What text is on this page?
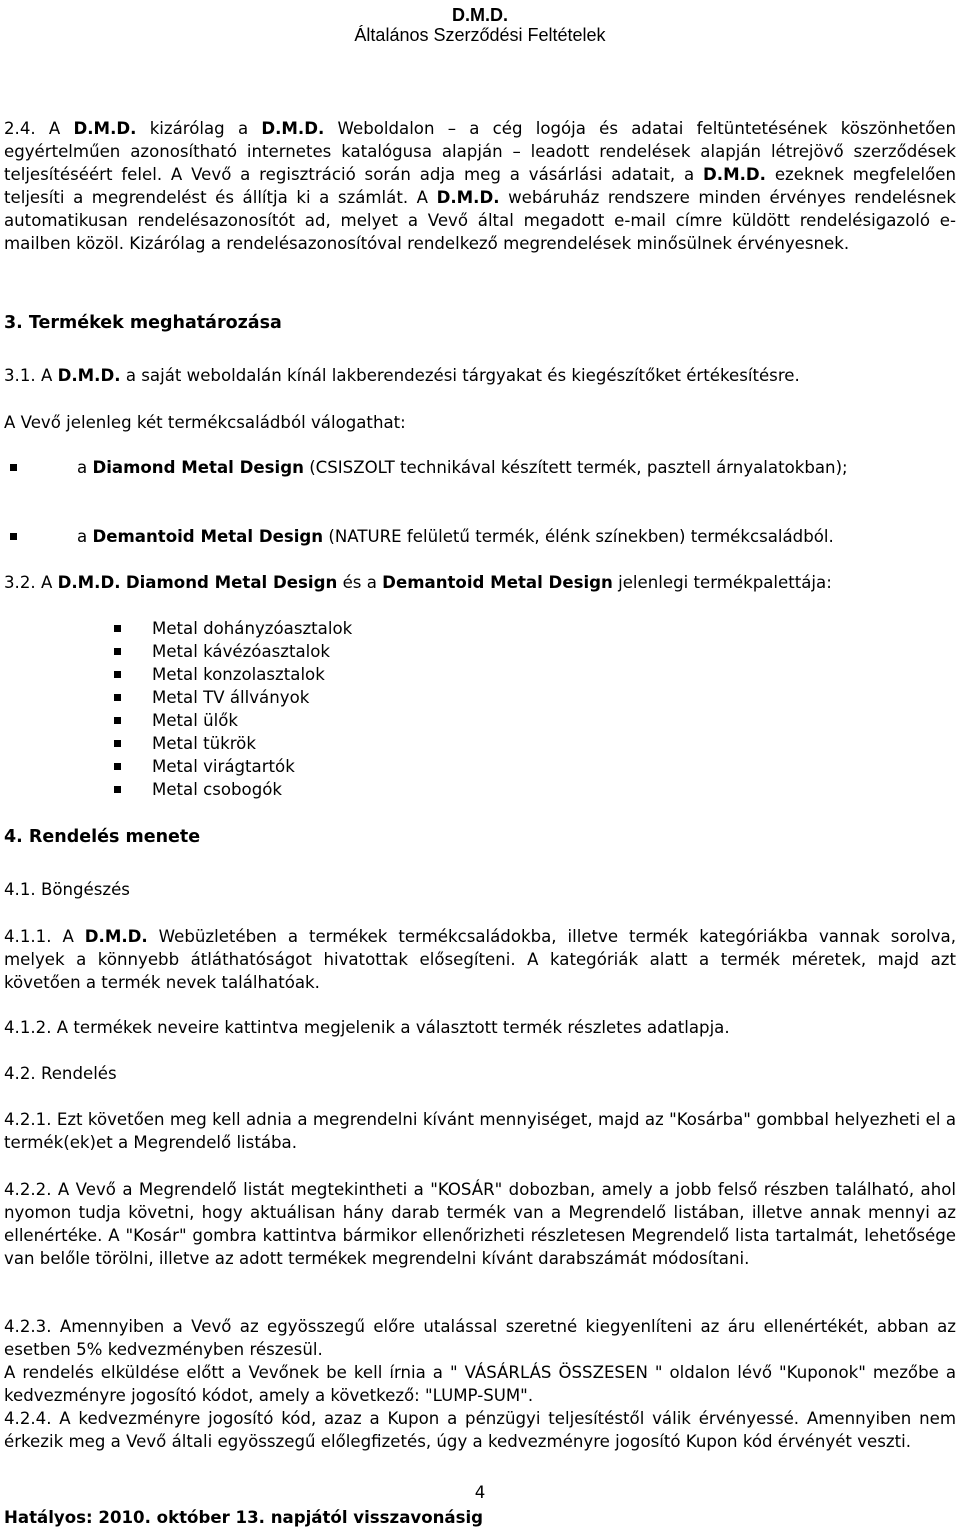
D.M.D.
Általános Szerződési Feltételek

2.4. A D.M.D. kizárólag a D.M.D. Weboldalon – a cég logója és adatai feltüntetésének köszönhetően egyértelműen azonosítható internetes katalógusa alapján – leadott rendelések alapján létrejövő szerződések teljesítéséért felel. A Vevő a regisztráció során adja meg a vásárlási adatait, a D.M.D. ezeknek megfelelően teljesíti a megrendelést és állítja ki a számlát. A D.M.D. webáruház rendszere minden érvényes rendelésnek automatikusan rendelésazonosítót ad, melyet a Vevő által megadott e-mail címre küldött rendelésigazoló e-mailben közöl. Kizárólag a rendelésazonosítóval rendelkező megrendelések minősülnek érvényesnek.

3. Termékek meghatározása

3.1. A D.M.D. a saját weboldalán kínál lakberendezési tárgyakat és kiegészítőket értékesítésre.

A Vevő jelenleg két termékcsaládból válogathat:

a Diamond Metal Design (CSISZOLT technikával készített termék, pasztell árnyalatokban);
a Demantoid Metal Design (NATURE felületű termék, élénk színekben) termékcsaládból.

3.2. A D.M.D. Diamond Metal Design és a Demantoid Metal Design jelenlegi termékpalettája:

Metal dohányzóasztalok
Metal kávézóasztalok
Metal konzolasztalok
Metal TV állványok
Metal ülők
Metal tükrök
Metal virágtartók
Metal csobogók
4. Rendelés menete

4.1. Böngészés

4.1.1. A D.M.D. Webüzletében a termékek termékcsaládokba, illetve termék kategóriákba vannak sorolva, melyek a könnyebb átláthatóságot hivatottak elősegíteni. A kategóriák alatt a termék méretek, majd azt követően a termék nevek találhatóak.

4.1.2. A termékek neveire kattintva megjelenik a választott termék részletes adatlapja.

4.2. Rendelés

4.2.1. Ezt követően meg kell adnia a megrendelni kívánt mennyiséget, majd az "Kosárba" gombbal helyezheti el a termék(ek)et a Megrendelő listába.

4.2.2. A Vevő a Megrendelő listát megtekintheti a "KOSÁR" dobozban, amely a jobb felső részben található, ahol nyomon tudja követni, hogy aktuálisan hány darab termék van a Megrendelő listában, illetve annak mennyi az ellenértéke. A "Kosár" gombra kattintva bármikor ellenőrizheti részletesen Megrendelő lista tartalmát, lehetősége van belőle törölni, illetve az adott termékek megrendelni kívánt darabszámát módosítani.

4.2.3. Amennyiben a Vevő az egyösszegű előre utalással szeretné kiegyenlíteni az áru ellenértékét, abban az esetben 5% kedvezményben részesül.

A rendelés elküldése előtt a Vevőnek be kell írnia a " VÁSÁRLÁS ÖSSZESEN " oldalon lévő "Kuponok" mezőbe a kedvezményre jogosító kódot, amely a következő: "LUMP-SUM".

4.2.4. A kedvezményre jogosító kód, azaz a Kupon a pénzügyi teljesítéstől válik érvényessé. Amennyiben nem érkezik meg a Vevő általi egyösszegű előlegfizetés, úgy a kedvezményre jogosító Kupon kód érvényét veszti.

4
Hatályos: 2010. október 13. napjától visszavonásig
